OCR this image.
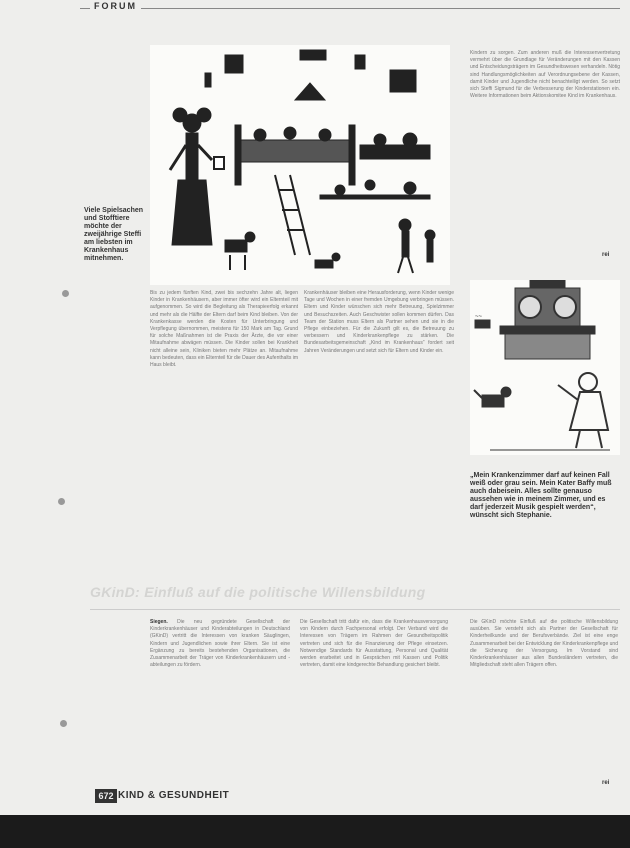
FORUM
Kindern zu sorgen. Zum anderen muß die Interessenvertretung vermehrt über die Grundlage für Veränderungen mit den Kassen und Entscheidungsträgern im Gesundheitswesen verhandeln. Nötig sind Handlungsmöglichkeiten auf Verordnungsebene der Kassen, damit Kinder und Jugendliche nicht benachteiligt werden. So setzt sich Steffi Sigmund für die Verbesserung der Kinderstationen ein. Weitere Informationen beim Aktionskomitee Kind im Krankenhaus.
rei
Viele Spielsachen und Stofftiere möchte der zweijährige Steffi am liebsten im Krankenhaus mitnehmen.
Bis zu jedem fünften Kind, zwei bis sechzehn Jahre alt, liegen Kinder in Krankenhäusern, aber immer öfter wird ein Elternteil mit aufgenommen. So wird die Begleitung als Therapieerfolg erkannt und mehr als die Hälfte der Eltern darf beim Kind bleiben. Von der Krankenkasse werden die Kosten für Unterbringung und Verpflegung übernommen, meistens für 150 Mark am Tag. Grund für solche Maßnahmen ist die Praxis der Ärzte, die vor einer Mitaufnahme abwägen müssen. Die Kinder sollen bei Krankheit nicht alleine sein, Kliniken bieten mehr Plätze an. Mitaufnahme kann bedeuten, dass ein Elternteil für die Dauer des Aufenthalts im Haus bleibt.
Krankenhäuser bleiben eine Herausforderung, wenn Kinder wenige Tage und Wochen in einer fremden Umgebung verbringen müssen. Eltern und Kinder wünschen sich mehr Betreuung, Spielzimmer und Besuchszeiten. Auch Geschwister sollen kommen dürfen. Das Team der Station muss Eltern als Partner sehen und sie in die Pflege einbeziehen. Für die Zukunft gilt es, die Betreuung zu verbessern und Kinderkrankenpflege zu stärken. Die Bundesarbeitsgemeinschaft „Kind im Krankenhaus“ fordert seit Jahren Veränderungen und setzt sich für Eltern und Kinder ein.
~~
„Mein Krankenzimmer darf auf keinen Fall weiß oder grau sein. Mein Kater Baffy muß auch dabeisein. Alles sollte genauso aussehen wie in meinem Zimmer, und es darf jederzeit Musik gespielt werden“, wünscht sich Stephanie.
GKinD: Einfluß auf die politische Willensbildung
Siegen. Die neu gegründete Gesellschaft der Kinderkrankenhäuser und Kinderabteilungen in Deutschland (GKinD) vertritt die Interessen von kranken Säuglingen, Kindern und Jugendlichen sowie ihrer Eltern. Sie ist eine Ergänzung zu bereits bestehenden Organisationen, die Zusammenarbeit der Träger von Kinderkrankenhäusern und -abteilungen zu fördern.
Die Gesellschaft tritt dafür ein, dass die Krankenhausversorgung von Kindern durch Fachpersonal erfolgt. Der Verband wird die Interessen von Trägern im Rahmen der Gesundheitspolitik vertreten und sich für die Finanzierung der Pflege einsetzen. Notwendige Standards für Ausstattung, Personal und Qualität werden erarbeitet und in Gesprächen mit Kassen und Politik vertreten, damit eine kindgerechte Behandlung gesichert bleibt.
Die GKinD möchte Einfluß auf die politische Willensbildung ausüben. Sie versteht sich als Partner der Gesellschaft für Kinderheilkunde und der Berufsverbände. Ziel ist eine enge Zusammenarbeit bei der Entwicklung der Kinderkrankenpflege und die Sicherung der Versorgung. Im Vorstand sind Kinderkrankenhäuser aus allen Bundesländern vertreten, die Mitgliedschaft steht allen Trägern offen.
rei
672 KIND & GESUNDHEIT
